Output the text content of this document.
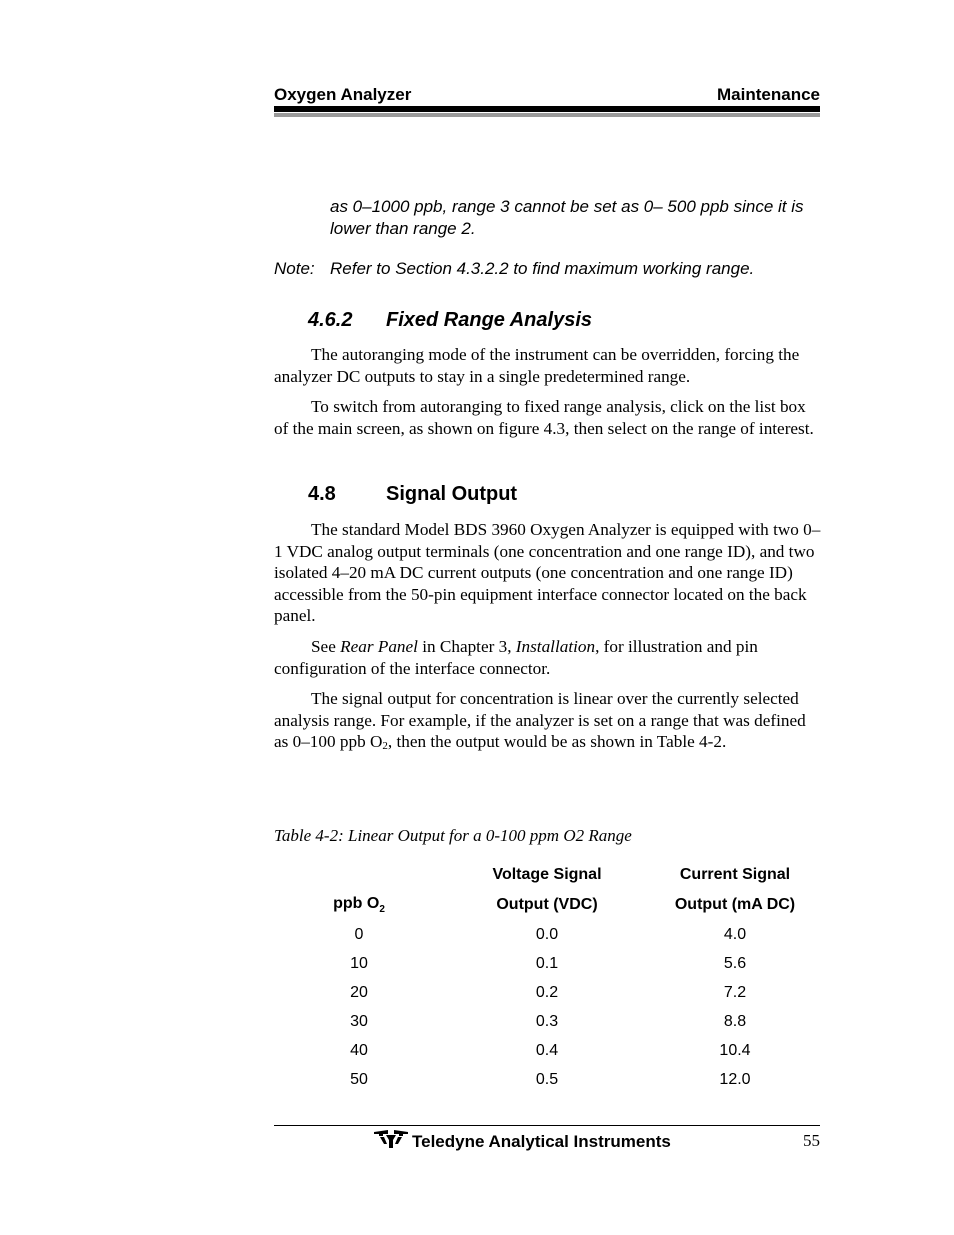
Oxygen Analyzer	Maintenance
as 0–1000 ppb, range 3 cannot be set as 0– 500 ppb since it is lower than range 2.
Note: Refer to Section 4.3.2.2 to find maximum working range.
4.6.2 Fixed Range Analysis

The autoranging mode of the instrument can be overridden, forcing the analyzer DC outputs to stay in a single predetermined range.

To switch from autoranging to fixed range analysis, click on the list box of the main screen, as shown on figure 4.3, then select on the range of interest.

4.8	Signal Output

The standard Model BDS 3960 Oxygen Analyzer is equipped with two 0–1 VDC analog output terminals (one concentration and one range ID), and two isolated 4–20 mA DC current outputs (one concentration and one range ID) accessible from the 50-pin equipment interface connector located on the back panel.

See Rear Panel in Chapter 3, Installation, for illustration and pin configuration of the interface connector.

The signal output for concentration is linear over the currently selected analysis range. For example, if the analyzer is set on a range that was defined as 0–100 ppb $O_2$, then the output would be as shown in Table 4-2.

Table 4-2: Linear Output for a 0-100 ppm O2 Range
	Voltage Signal	Current Signal
ppb $O_2$	Output (VDC)	Output (mA DC)
0	0.0	4.0
10	0.1	5.6
20	0.2	7.2
30	0.3	8.8
40	0.4	10.4
50	0.5	12.0
Teledyne Analytical Instruments	55
